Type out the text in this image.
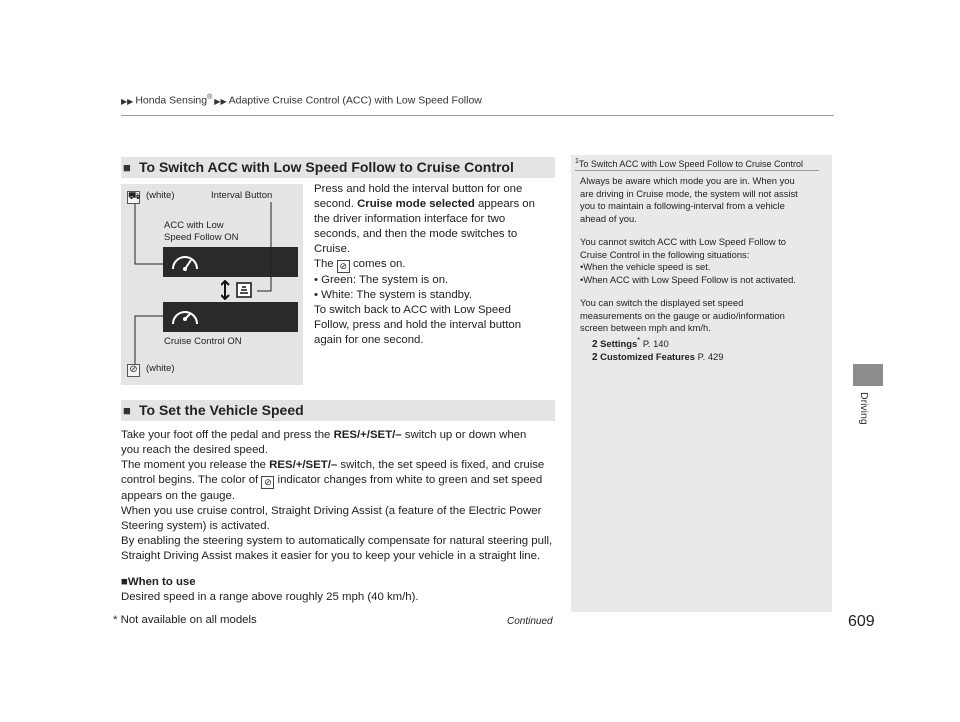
▶▶ Honda Sensing® ▶▶ Adaptive Cruise Control (ACC) with Low Speed Follow
Driving
■ To Switch ACC with Low Speed Follow to Cruise Control
⛟ (white)	Interval Button
ACC with Low
Speed Follow ON
Cruise Control ON
⊘ (white)
Press and hold the interval button for one
second. Cruise mode selected appears on
the driver information interface for two
seconds, and then the mode switches to
Cruise.
The ⊘ comes on.
• Green: The system is on.
• White: The system is standby.
To switch back to ACC with Low Speed
Follow, press and hold the interval button
again for one second.
■ To Set the Vehicle Speed
Take your foot off the pedal and press the RES/+/SET/– switch up or down when
you reach the desired speed.
The moment you release the RES/+/SET/– switch, the set speed is fixed, and cruise
control begins. The color of ⊘ indicator changes from white to green and set speed
appears on the gauge.
When you use cruise control, Straight Driving Assist (a feature of the Electric Power
Steering system) is activated.
By enabling the steering system to automatically compensate for natural steering pull,
Straight Driving Assist makes it easier for you to keep your vehicle in a straight line.
■When to use
Desired speed in a range above roughly 25 mph (40 km/h).
$^1$To Switch ACC with Low Speed Follow to Cruise Control
Always be aware which mode you are in. When you
are driving in Cruise mode, the system will not assist
you to maintain a following-interval from a vehicle
ahead of you.
You cannot switch ACC with Low Speed Follow to
Cruise Control in the following situations:
•When the vehicle speed is set.
•When ACC with Low Speed Follow is not activated.
You can switch the displayed set speed
measurements on the gauge or audio/information
screen between mph and km/h.
2 Settings* P. 140
2 Customized Features P. 429
* Not available on all models	Continued	609
